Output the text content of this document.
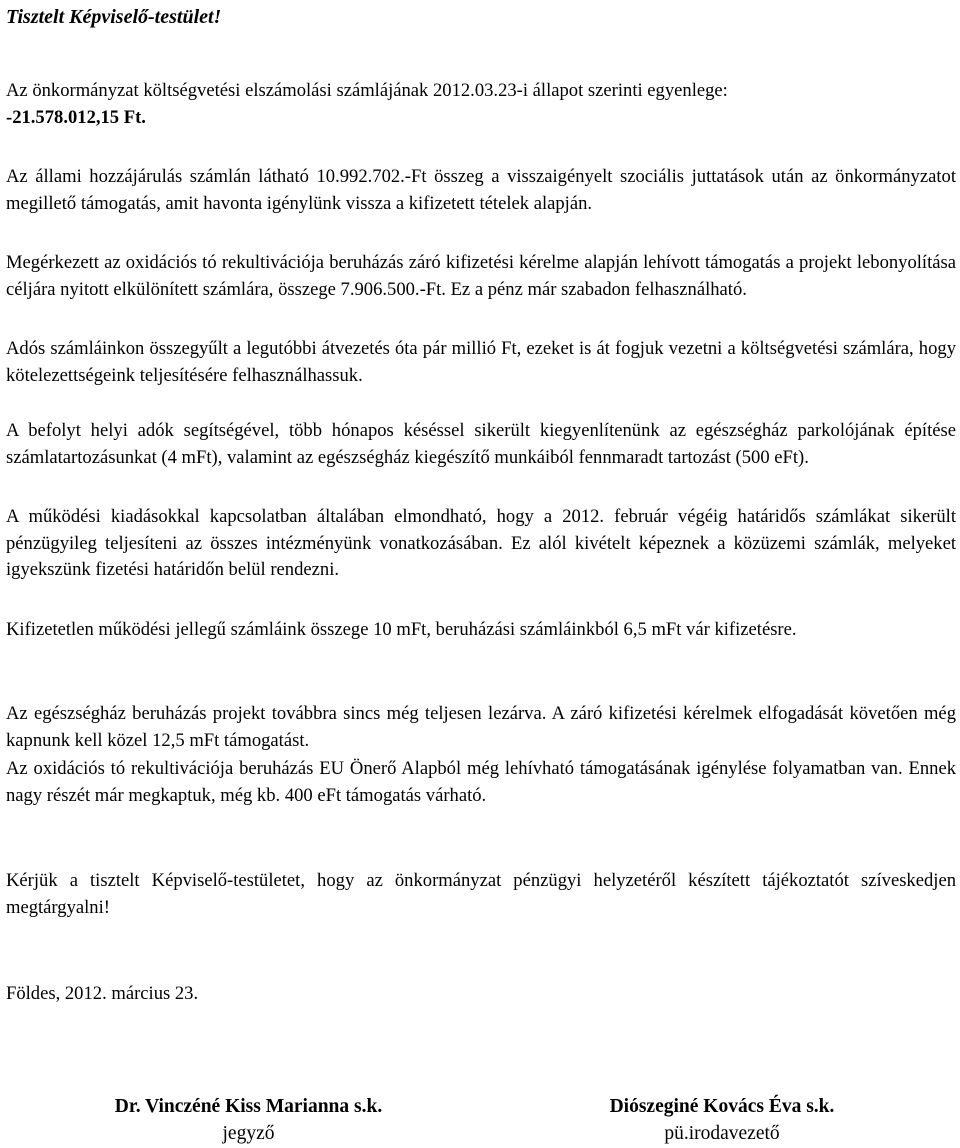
Tisztelt Képviselő-testület!

Az önkormányzat költségvetési elszámolási számlájának 2012.03.23-i állapot szerinti egyenlege:
-21.578.012,15 Ft.

Az állami hozzájárulás számlán látható 10.992.702.-Ft összeg a visszaigényelt szociális juttatások után az önkormányzatot megillető támogatás, amit havonta igénylünk vissza a kifizetett tételek alapján.

Megérkezett az oxidációs tó rekultivációja beruházás záró kifizetési kérelme alapján lehívott támogatás a projekt lebonyolítása céljára nyitott elkülönített számlára, összege 7.906.500.-Ft. Ez a pénz már szabadon felhasználható.

Adós számláinkon összegyűlt a legutóbbi átvezetés óta pár millió Ft, ezeket is át fogjuk vezetni a költségvetési számlára, hogy kötelezettségeink teljesítésére felhasználhassuk.

A befolyt helyi adók segítségével, több hónapos késéssel sikerült kiegyenlítenünk az egészségház parkolójának építése számlatartozásunkat (4 mFt), valamint az egészségház kiegészítő munkáiból fennmaradt tartozást (500 eFt).

A működési kiadásokkal kapcsolatban általában elmondható, hogy a 2012. február végéig határidős számlákat sikerült pénzügyileg teljesíteni az összes intézményünk vonatkozásában. Ez alól kivételt képeznek a közüzemi számlák, melyeket igyekszünk fizetési határidőn belül rendezni.

Kifizetetlen működési jellegű számláink összege 10 mFt, beruházási számláinkból 6,5 mFt vár kifizetésre.

Az egészségház beruházás projekt továbbra sincs még teljesen lezárva. A záró kifizetési kérelmek elfogadását követően még kapnunk kell közel 12,5 mFt támogatást.

Az oxidációs tó rekultivációja beruházás EU Önerő Alapból még lehívható támogatásának igénylése folyamatban van. Ennek nagy részét már megkaptuk, még kb. 400 eFt támogatás várható.

Kérjük a tisztelt Képviselő-testületet, hogy az önkormányzat pénzügyi helyzetéről készített tájékoztatót szíveskedjen megtárgyalni!

Földes, 2012. március 23.

Dr. Vinczéné Kiss Marianna s.k.
jegyző
Diószeginé Kovács Éva s.k.
pü.irodavezető
